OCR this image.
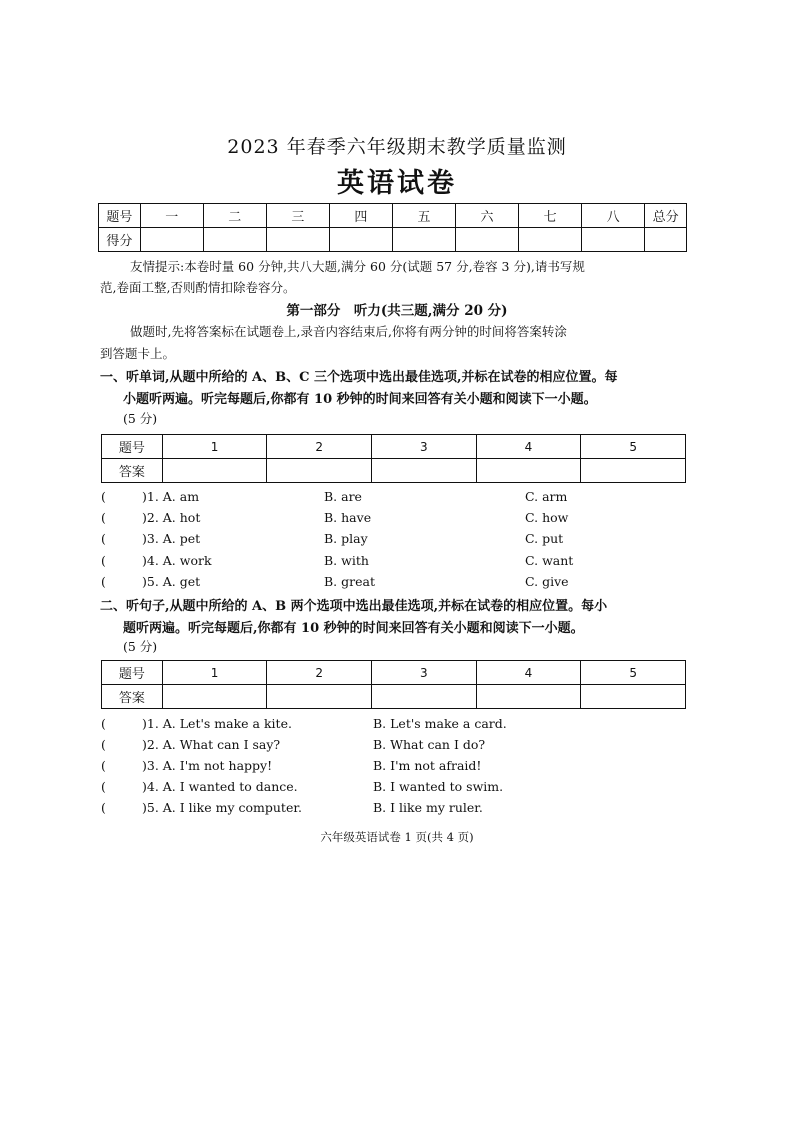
2023 年春季六年级期末教学质量监测
英语试卷
题号	一	二	三	四	五	六	七	八	总分
得分									
友情提示:本卷时量 60 分钟,共八大题,满分 60 分(试题 57 分,卷容 3 分),请书写规
范,卷面工整,否则酌情扣除卷容分。
第一部分　听力(共三题,满分 20 分)
做题时,先将答案标在试题卷上,录音内容结束后,你将有两分钟的时间将答案转涂
到答题卡上。
一、听单词,从题中所给的 A、B、C 三个选项中选出最佳选项,并标在试卷的相应位置。每
小题听两遍。听完每题后,你都有 10 秒钟的时间来回答有关小题和阅读下一小题。
(5 分)
题号	1	2	3	4	5
答案					
(	)1. A. am	B. are	C. arm
(	)2. A. hot	B. have	C. how
(	)3. A. pet	B. play	C. put
(	)4. A. work	B. with	C. want
(	)5. A. get	B. great	C. give
二、听句子,从题中所给的 A、B 两个选项中选出最佳选项,并标在试卷的相应位置。每小
题听两遍。听完每题后,你都有 10 秒钟的时间来回答有关小题和阅读下一小题。
(5 分)
题号	1	2	3	4	5
答案					
(	)1. A. Let's make a kite.	B. Let's make a card.
(	)2. A. What can I say?	B. What can I do?
(	)3. A. I'm not happy!	B. I'm not afraid!
(	)4. A. I wanted to dance.	B. I wanted to swim.
(	)5. A. I like my computer.	B. I like my ruler.
六年级英语试卷 1 页(共 4 页)
